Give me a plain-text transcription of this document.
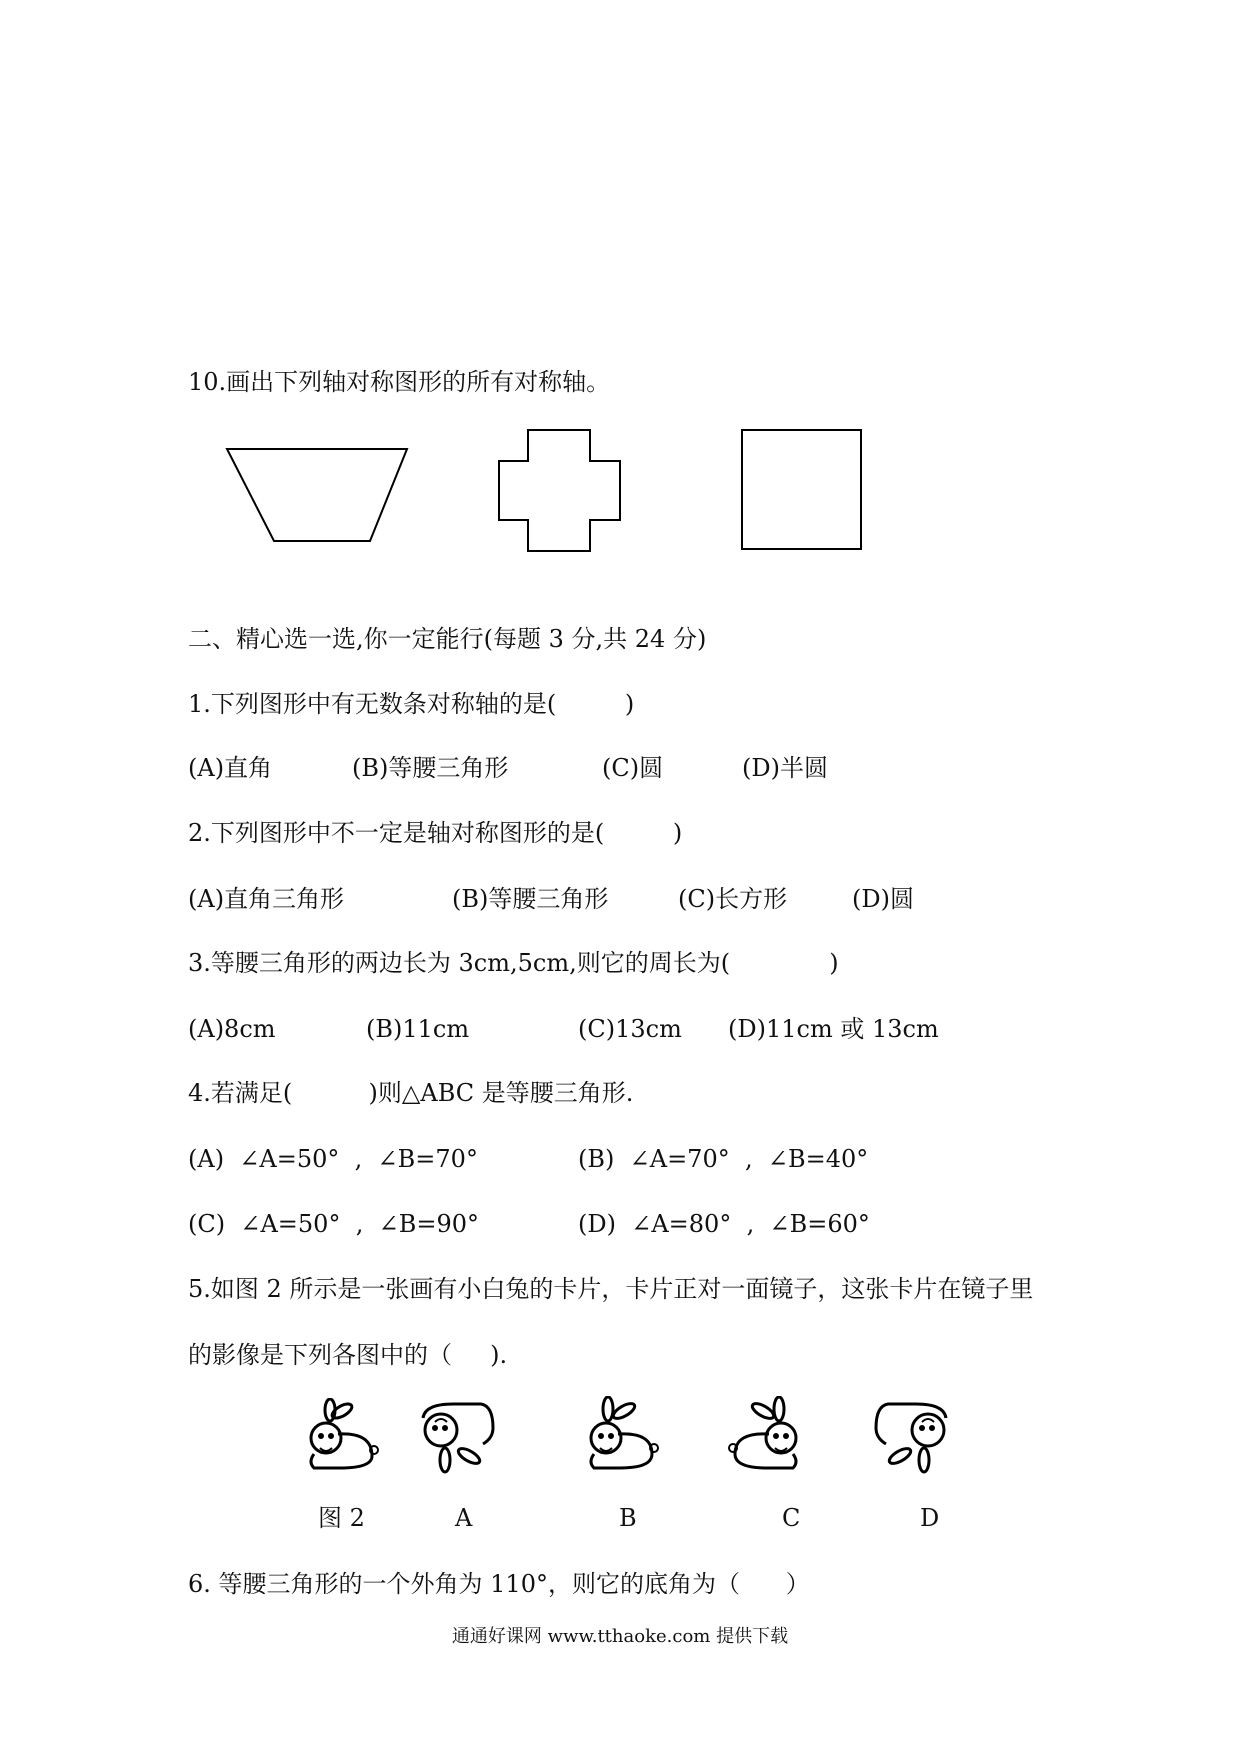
10.画出下列轴对称图形的所有对称轴。
二、精心选一选,你一定能行(每题 3 分,共 24 分)
1.下列图形中有无数条对称轴的是(         )
(A)直角	(B)等腰三角形	(C)圆	(D)半圆
2.下列图形中不一定是轴对称图形的是(         )
(A)直角三角形	(B)等腰三角形	(C)长方形	(D)圆
3.等腰三角形的两边长为 3cm,5cm,则它的周长为(             )
(A)8cm	(B)11cm	(C)13cm (D)11cm 或 13cm
4.若满足(          )则△ABC 是等腰三角形.
(A)  ∠A=50°  ,  ∠B=70°	(B)  ∠A=70°  ,  ∠B=40°
(C)  ∠A=50°  ,  ∠B=90°	(D)  ∠A=80°  ,  ∠B=60°
5.如图 2 所示是一张画有小白兔的卡片，卡片正对一面镜子，这张卡片在镜子里
的影像是下列各图中的（     ).
图 2	A	B	C	D
6. 等腰三角形的一个外角为 110°，则它的底角为（      ）
通通好课网 www.tthaoke.com 提供下载
